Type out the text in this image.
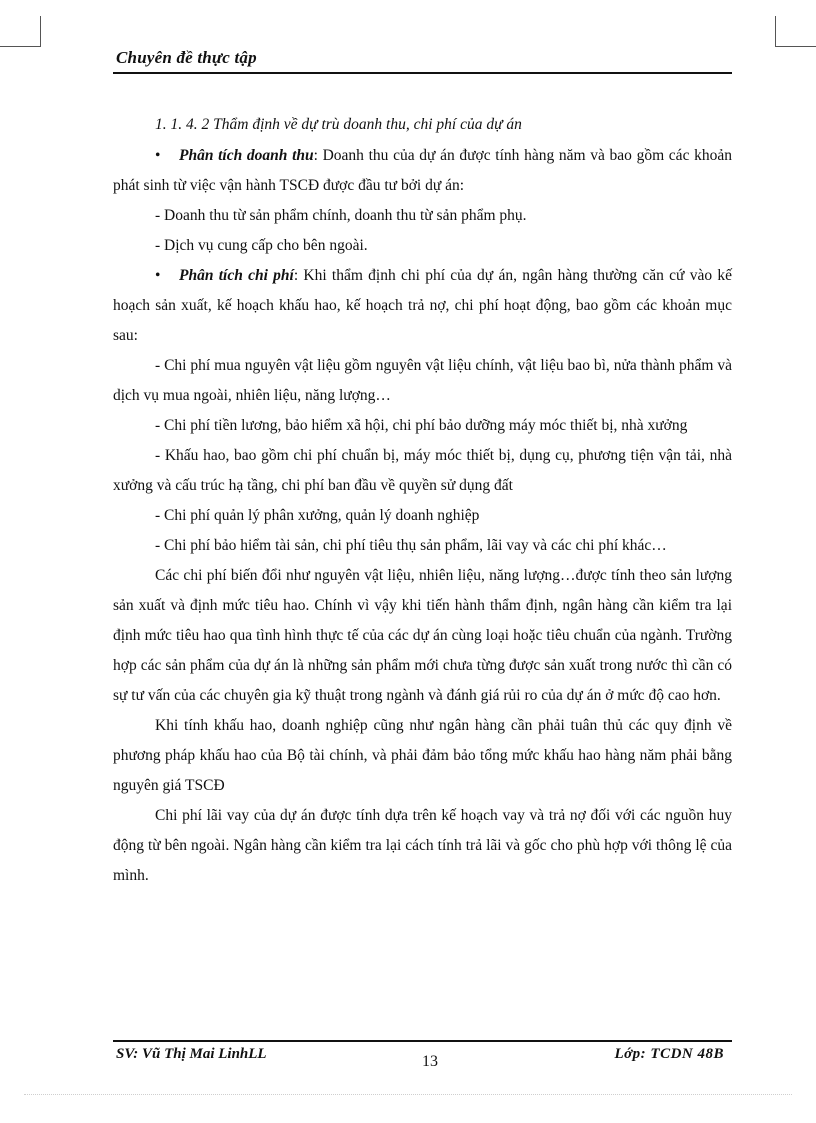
Chuyên đề thực tập

1. 1. 4. 2 Thẩm định về dự trù doanh thu, chi phí của dự án

• Phân tích doanh thu: Doanh thu của dự án được tính hàng năm và bao gồm các khoản phát sinh từ việc vận hành TSCĐ được đầu tư bởi dự án:

- Doanh thu từ sản phẩm chính, doanh thu từ sản phẩm phụ.

- Dịch vụ cung cấp cho bên ngoài.

• Phân tích chi phí: Khi thẩm định chi phí của dự án, ngân hàng thường căn cứ vào kế hoạch sản xuất, kế hoạch khấu hao, kế hoạch trả nợ, chi phí hoạt động, bao gồm các khoản mục sau:

- Chi phí mua nguyên vật liệu gồm nguyên vật liệu chính, vật liệu bao bì, nửa thành phẩm và dịch vụ mua ngoài, nhiên liệu, năng lượng…

- Chi phí tiền lương, bảo hiểm xã hội, chi phí bảo dưỡng máy móc thiết bị, nhà xưởng

- Khấu hao, bao gồm chi phí chuẩn bị, máy móc thiết bị, dụng cụ, phương tiện vận tải, nhà xưởng và cấu trúc hạ tầng, chi phí ban đầu về quyền sử dụng đất

- Chi phí quản lý phân xưởng, quản lý doanh nghiệp

- Chi phí bảo hiểm tài sản, chi phí tiêu thụ sản phẩm, lãi vay và các chi phí khác…

Các chi phí biến đổi như nguyên vật liệu, nhiên liệu, năng lượng…được tính theo sản lượng sản xuất và định mức tiêu hao. Chính vì vậy khi tiến hành thẩm định, ngân hàng cần kiểm tra lại định mức tiêu hao qua tình hình thực tế của các dự án cùng loại hoặc tiêu chuẩn của ngành. Trường hợp các sản phẩm của dự án là những sản phẩm mới chưa từng được sản xuất trong nước thì cần có sự tư vấn của các chuyên gia kỹ thuật trong ngành và đánh giá rủi ro của dự án ở mức độ cao hơn.

Khi tính khấu hao, doanh nghiệp cũng như ngân hàng cần phải tuân thủ các quy định về phương pháp khấu hao của Bộ tài chính, và phải đảm bảo tổng mức khấu hao hàng năm phải bằng nguyên giá TSCĐ

Chi phí lãi vay của dự án được tính dựa trên kế hoạch vay và trả nợ đối với các nguồn huy động từ bên ngoài. Ngân hàng cần kiểm tra lại cách tính trả lãi và gốc cho phù hợp với thông lệ của mình.

SV: Vũ Thị Mai LinhLL	13	Lớp: TCDN 48B
